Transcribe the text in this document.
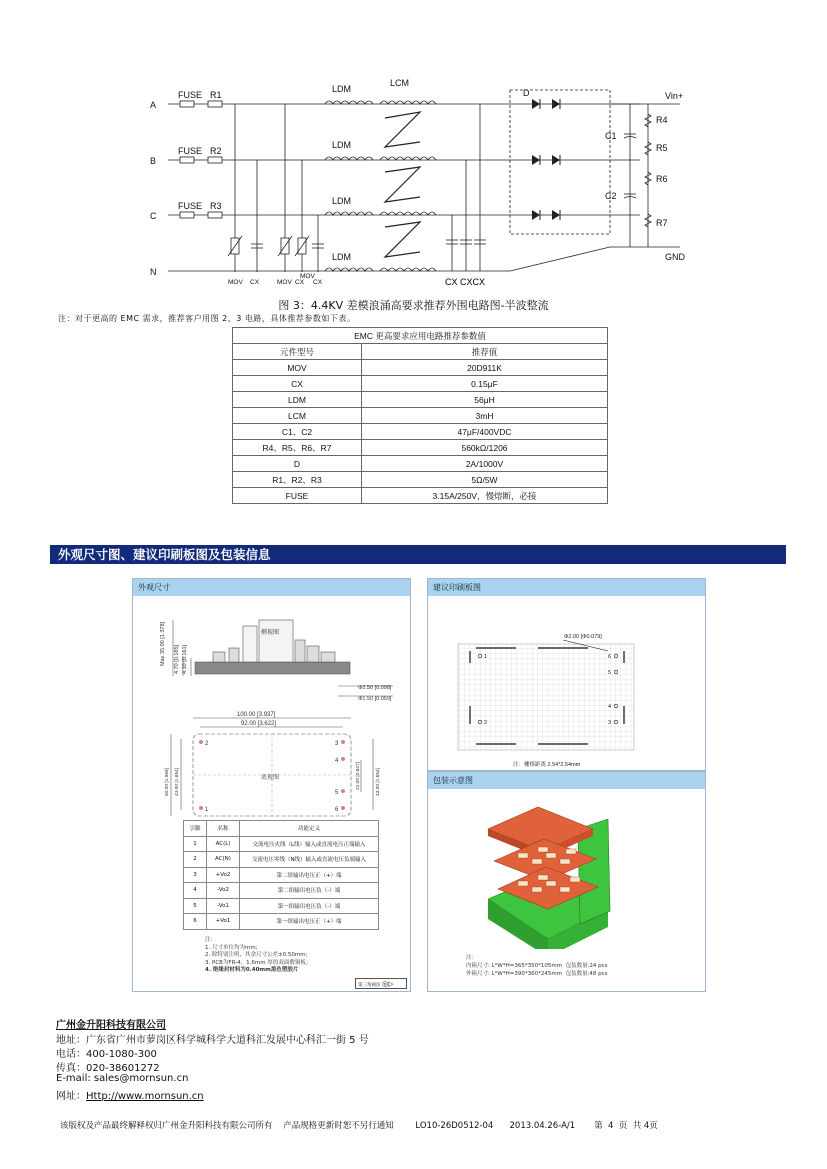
A
B
C
N
FUSE
FUSE
FUSE
R1
R2
R3
LDM
LDM
LDM
LDM
LCM
D	Vin+
GND
C1
C2
R4
R5
R6
R7
MOV CX	MOV CX
MOV
CX	CX CXCX
图 3：4.4KV 差模浪涌高要求推荐外围电路图-半波整流
注：对于更高的 EMC 需求，推荐客户用图 2、3 电路，具体推荐参数如下表。
EMC 更高要求应用电路推荐参数值	
元件型号	推荐值
MOV	20D911K
CX	0.15μF
LDM	56μH
LCM	3mH
C1、C2	47μF/400VDC
R4、R5、R6、R7	560kΩ/1206
D	2A/1000V
R1、R2、R3	5Ω/5W
FUSE	3.15A/250V，慢熔断，必接
外观尺寸图、建议印刷板图及包装信息
外观尺寸
侧视图
Max 35.00 [1.378] 4.70 [0.185] 4.10 [0.161]
Φ2.50 [0.098]
Φ1.50 [0.059]
100.00 [3.937]
92.00 [3.622]
底视图
2
1
3
4
5
6
50.00 [1.969] 43.00 [1.654]	22.00 [0.827]	43.00 [1.654]
引脚	名称	功能定义
1	AC(L)	交流电压火线（L线）输入或直流电压正端输入
2	AC(N)	交流电压零线（N线）输入或直流电压负端输入
3	+Vo2	第二组输出电压正（+）端
4	-Vo2	第二组输出电压负（-）端
5	-Vo1	第一组输出电压负（-）端
6	+Vo1	第一组输出电压正（+）端
注：
1. 尺寸单位均为mm;
2. 除特别注明，其余尺寸公差±0.50mm;
3. PCB为FR-4、1.6mm 厚的双面敷铜板；
4. 绝缘封材料为0.40mm黑色塑胶片
第三角画法 ◎▷
建议印刷板图
1
2
6
5
4
3
Φ2.00 [Φ0.079]
注：栅格距离 2.54*2.54mm
包装示意图
注：
内箱尺寸: L*W*H=365*350*105mm 包装数量:24 pcs
外箱尺寸: L*W*H=390*360*245mm 包装数量:48 pcs
广州金升阳科技有限公司
地址：广东省广州市萝岗区科学城科学大道科汇发展中心科汇一街 5 号
电话：400-1080-300
传真：020-38601272
E-mail: sales@mornsun.cn
网址：Http://www.mornsun.cn
该版权及产品最终解释权归广州金升阳科技有限公司所有    产品规格更新时恕不另行通知        LO10-26D0512-04      2013.04.26-A/1       第  4  页  共 4页
